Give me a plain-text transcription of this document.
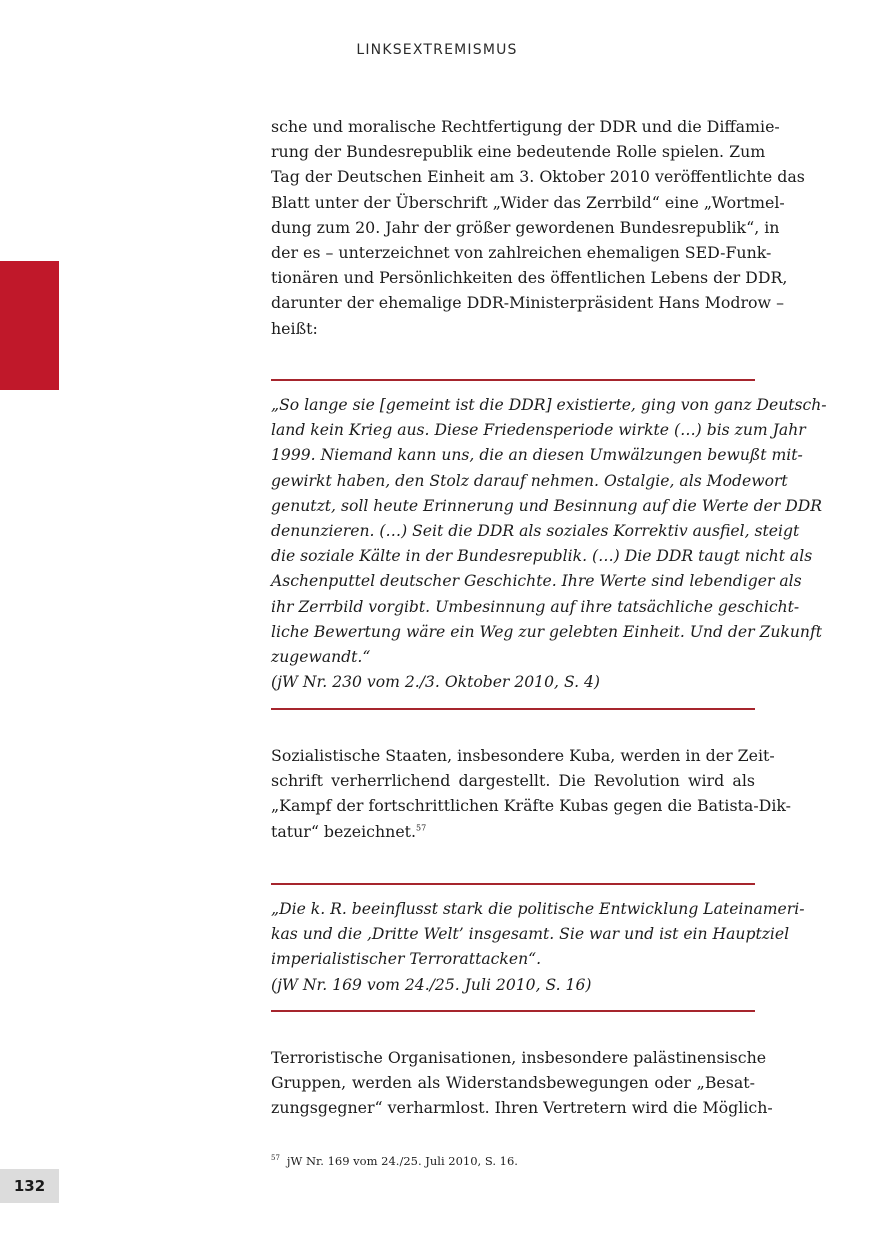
LINKSEXTREMISMUS

sche und moralische Rechtfertigung der DDR und die Diffamie-
rung der Bundesrepublik eine bedeutende Rolle spielen. Zum
Tag der Deutschen Einheit am 3. Oktober 2010 veröffentlichte das
Blatt unter der Überschrift „Wider das Zerrbild“ eine „Wortmel-
dung zum 20. Jahr der größer gewordenen Bundesrepublik“, in
der es – unterzeichnet von zahlreichen ehemaligen SED-Funk-
tionären und Persönlichkeiten des öffentlichen Lebens der DDR,
darunter der ehemalige DDR-Ministerpräsident Hans Modrow –
heißt:

„So lange sie [gemeint ist die DDR] existierte, ging von ganz Deutsch-
land kein Krieg aus. Diese Friedensperiode wirkte (…) bis zum Jahr
1999. Niemand kann uns, die an diesen Umwälzungen bewußt mit-
gewirkt haben, den Stolz darauf nehmen. Ostalgie, als Modewort
genutzt, soll heute Erinnerung und Besinnung auf die Werte der DDR
denunzieren. (…) Seit die DDR als soziales Korrektiv ausfiel, steigt
die soziale Kälte in der Bundesrepublik. (…) Die DDR taugt nicht als
Aschenputtel deutscher Geschichte. Ihre Werte sind lebendiger als
ihr Zerrbild vorgibt. Umbesinnung auf ihre tatsächliche geschicht-
liche Bewertung wäre ein Weg zur gelebten Einheit. Und der Zukunft
zugewandt.“
(jW Nr. 230 vom 2./3. Oktober 2010, S. 4)

Sozialistische Staaten, insbesondere Kuba, werden in der Zeit-
schrift verherrlichend dargestellt. Die Revolution wird als
„Kampf der fortschrittlichen Kräfte Kubas gegen die Batista-Dik-
tatur“ bezeichnet.$^{57}$

„Die k. R. beeinflusst stark die politische Entwicklung Lateinameri-
kas und die ‚Dritte Welt’ insgesamt. Sie war und ist ein Hauptziel
imperialistischer Terrorattacken“.
(jW Nr. 169 vom 24./25. Juli 2010, S. 16)

Terroristische Organisationen, insbesondere palästinensische
Gruppen, werden als Widerstandsbewegungen oder „Besat-
zungsgegner“ verharmlost. Ihren Vertretern wird die Möglich-

$^{57}$ jW Nr. 169 vom 24./25. Juli 2010, S. 16.
132
